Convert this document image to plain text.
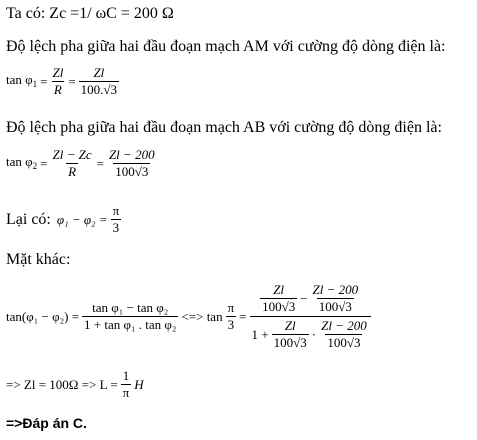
Ta có: Zc =1/ ωC = 200 Ω
Độ lệch pha giữa hai đầu đoạn mạch AM với cường độ dòng điện là:
$\tan \varphi_1 = \frac{Zl}{R} = \frac{Zl}{100.√3}$
Độ lệch pha giữa hai đầu đoạn mạch AB với cường độ dòng điện là:
$\tan \varphi_2 = \frac{Zl - Zc}{R} = \frac{Zl - 200}{100√3}$
Lại có: $\varphi_1 - \varphi_2 = \frac{\pi}{3}$
Mặt khác:
$\tan(\varphi_1 - \varphi_2) = \frac{\text{tan φ₁ − tan φ₂}}{\text{1 + tan φ₁ . tan φ₂}}$ <=> $\tan \frac{\pi}{3}$ =
$\frac{Zl}{100√3} - \frac{Zl - 200}{100√3}$
$1 + \frac{Zl}{100√3} \cdot \frac{Zl - 200}{100√3}$
=> $Zl = 100\Omega => L = \frac{1}{\pi}$ H
=>Đáp án C.
